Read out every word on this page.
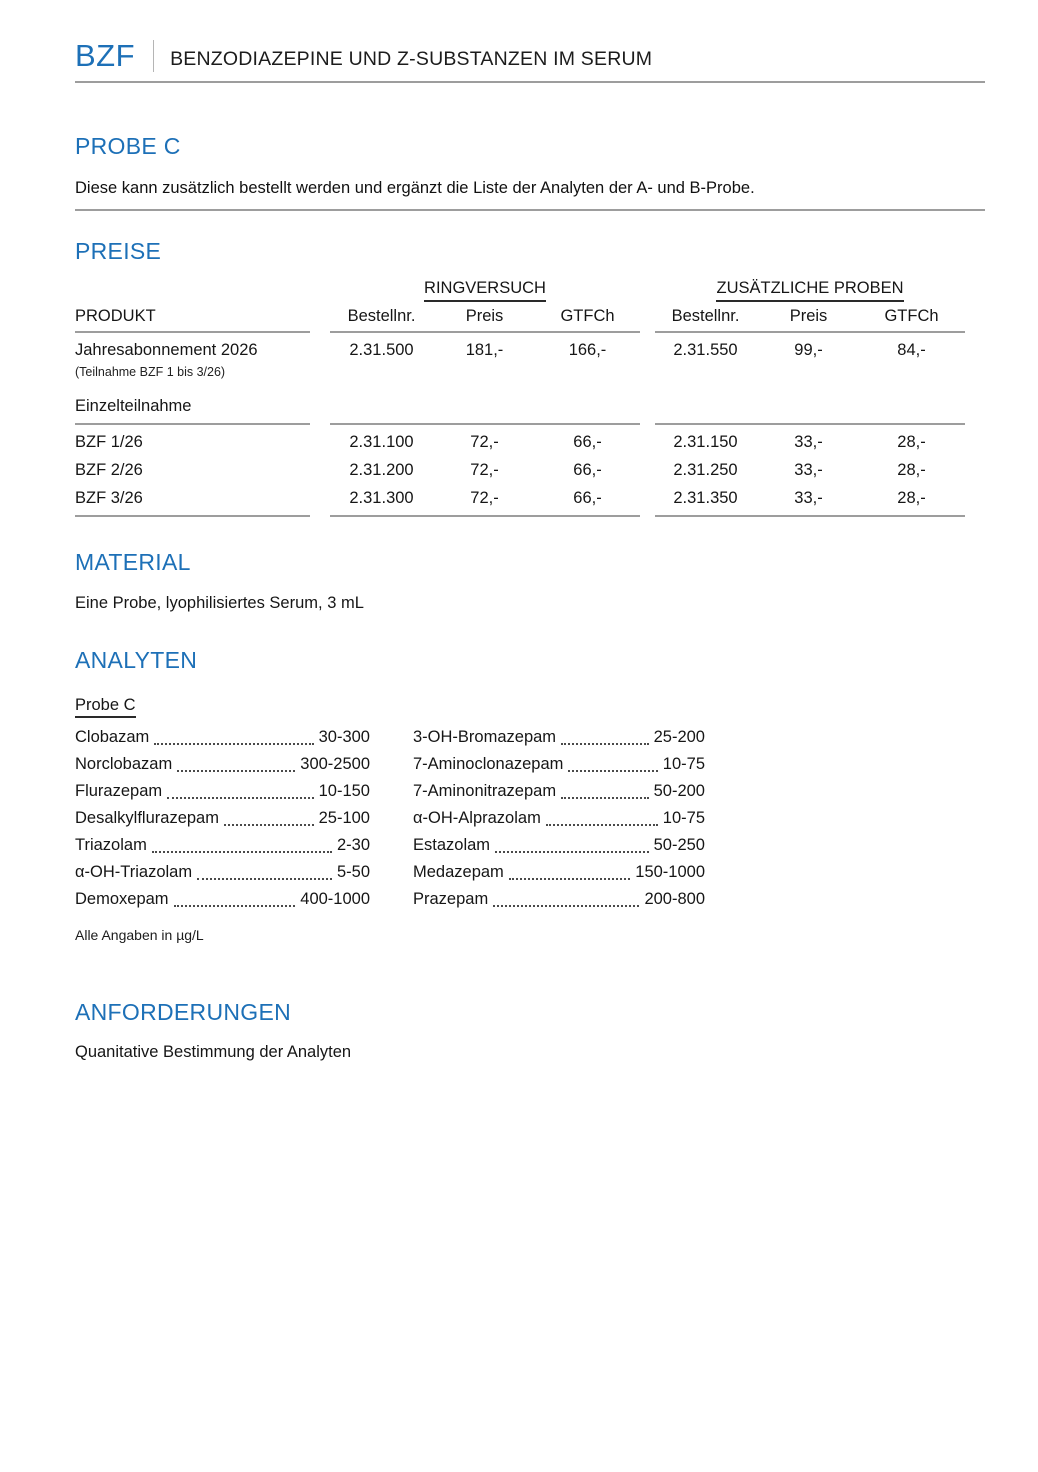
BZF BENZODIAZEPINE UND Z-SUBSTANZEN IM SERUM
PROBE C
Diese kann zusätzlich bestellt werden und ergänzt die Liste der Analyten der A- und B-Probe.
PREISE
RINGVERSUCH	ZUSÄTZLICHE PROBEN
PRODUKT	Bestellnr.	Preis	GTFCh	Bestellnr.	Preis	GTFCh
Jahresabonnement 2026	2.31.500	181,-	166,-	2.31.550	99,-	84,-
(Teilnahme BZF 1 bis 3/26)
Einzelteilnahme
BZF 1/26	2.31.100	72,-	66,-	2.31.150	33,-	28,-
BZF 2/26	2.31.200	72,-	66,-	2.31.250	33,-	28,-
BZF 3/26	2.31.300	72,-	66,-	2.31.350	33,-	28,-
MATERIAL
Eine Probe, lyophilisiertes Serum, 3 mL
ANALYTEN
Probe C
Clobazam	30-300
Norclobazam	300-2500
Flurazepam	10-150
Desalkylflurazepam	25-100
Triazolam	2-30
α-OH-Triazolam	5-50
Demoxepam	400-1000
3-OH-Bromazepam	25-200
7-Aminoclonazepam	10-75
7-Aminonitrazepam	50-200
α-OH-Alprazolam	10-75
Estazolam	50-250
Medazepam	150-1000
Prazepam	200-800
Alle Angaben in µg/L
ANFORDERUNGEN
Quanitative Bestimmung der Analyten
